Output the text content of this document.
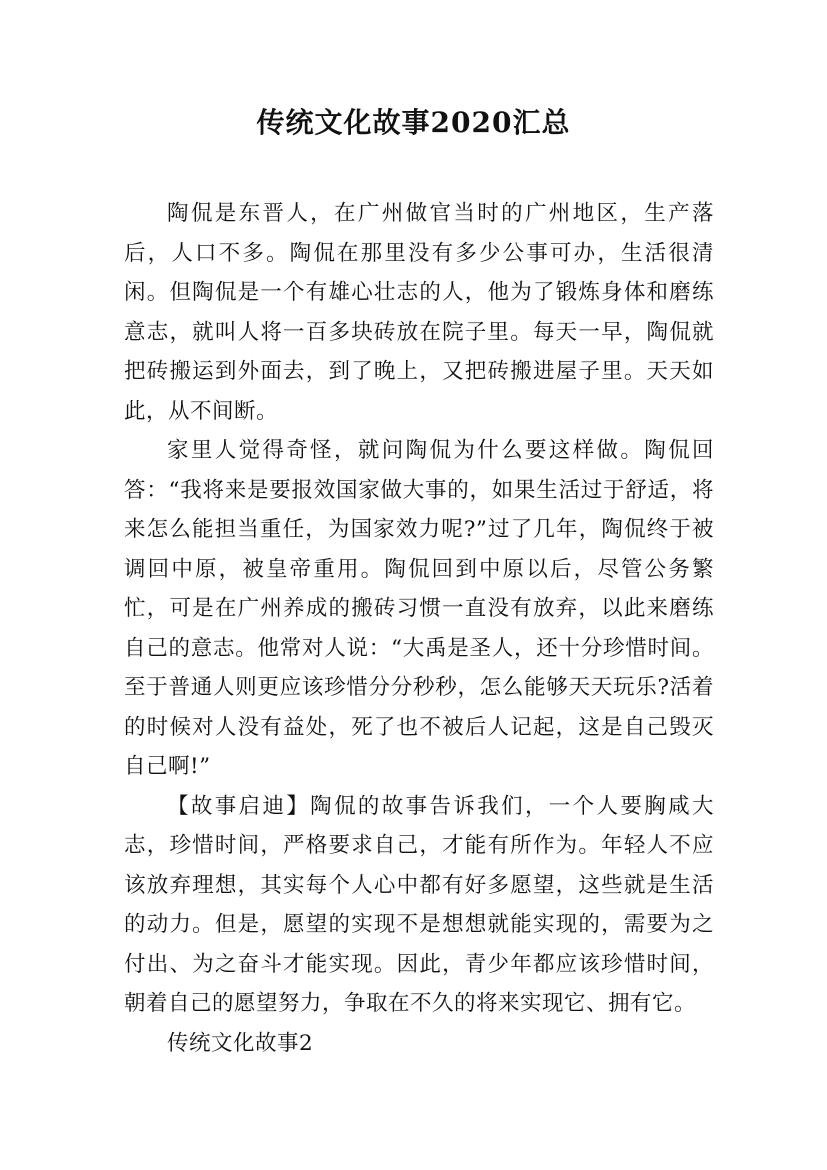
传统文化故事2020汇总

陶侃是东晋人，在广州做官当时的广州地区，生产落后，人口不多。陶侃在那里没有多少公事可办，生活很清闲。但陶侃是一个有雄心壮志的人，他为了锻炼身体和磨练意志，就叫人将一百多块砖放在院子里。每天一早，陶侃就把砖搬运到外面去，到了晚上，又把砖搬进屋子里。天天如此，从不间断。

家里人觉得奇怪，就问陶侃为什么要这样做。陶侃回答：“我将来是要报效国家做大事的，如果生活过于舒适，将来怎么能担当重任，为国家效力呢?”过了几年，陶侃终于被调回中原，被皇帝重用。陶侃回到中原以后，尽管公务繁忙，可是在广州养成的搬砖习惯一直没有放弃，以此来磨练自己的意志。他常对人说：“大禹是圣人，还十分珍惜时间。至于普通人则更应该珍惜分分秒秒，怎么能够天天玩乐?活着的时候对人没有益处，死了也不被后人记起，这是自己毁灭自己啊!”

【故事启迪】陶侃的故事告诉我们，一个人要胸咸大志，珍惜时间，严格要求自己，才能有所作为。年轻人不应该放弃理想，其实每个人心中都有好多愿望，这些就是生活的动力。但是，愿望的实现不是想想就能实现的，需要为之付出、为之奋斗才能实现。因此，青少年都应该珍惜时间，朝着自己的愿望努力，争取在不久的将来实现它、拥有它。

传统文化故事2
